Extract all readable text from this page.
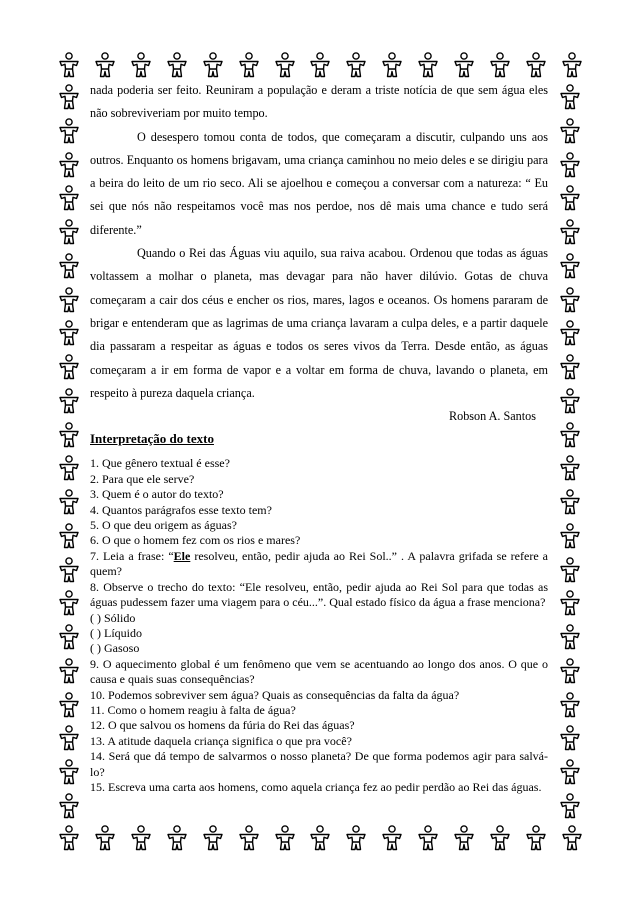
nada poderia ser feito. Reuniram a população e deram a triste notícia de que sem água eles não sobreviveriam por muito tempo.

O desespero tomou conta de todos, que começaram a discutir, culpando uns aos outros. Enquanto os homens brigavam, uma criança caminhou no meio deles e se dirigiu para a beira do leito de um rio seco. Ali se ajoelhou e começou a conversar com a natureza: “ Eu sei que nós não respeitamos você mas nos perdoe, nos dê mais uma chance e tudo será diferente.”

Quando o Rei das Águas viu aquilo, sua raiva acabou. Ordenou que todas as águas voltassem a molhar o planeta, mas devagar para não haver dilúvio. Gotas de chuva começaram a cair dos céus e encher os rios, mares, lagos e oceanos. Os homens pararam de brigar e entenderam que as lagrimas de uma criança lavaram a culpa deles, e a partir daquele dia passaram a respeitar as águas e todos os seres vivos da Terra. Desde então, as águas começaram a ir em forma de vapor e a voltar em forma de chuva, lavando o planeta, em respeito à pureza daquela criança.

Robson A. Santos
Interpretação do texto

1. Que gênero textual é esse?

2. Para que ele serve?

3. Quem é o autor do texto?

4. Quantos parágrafos esse texto tem?

5. O que deu origem as águas?

6. O que o homem fez com os rios e mares?

7. Leia a frase: “Ele resolveu, então, pedir ajuda ao Rei Sol..” . A palavra grifada se refere a quem?

8. Observe o trecho do texto: “Ele resolveu, então, pedir ajuda ao Rei Sol para que todas as águas pudessem fazer uma viagem para o céu...”. Qual estado físico da água a frase menciona?

( ) Sólido

( ) Líquido

( ) Gasoso

9. O aquecimento global é um fenômeno que vem se acentuando ao longo dos anos. O que o causa e quais suas consequências?

10. Podemos sobreviver sem água? Quais as consequências da falta da água?

11. Como o homem reagiu à falta de água?

12. O que salvou os homens da fúria do Rei das águas?

13. A atitude daquela criança significa o que pra você?

14. Será que dá tempo de salvarmos o nosso planeta? De que forma podemos agir para salvá-lo?

15. Escreva uma carta aos homens, como aquela criança fez ao pedir perdão ao Rei das águas.
